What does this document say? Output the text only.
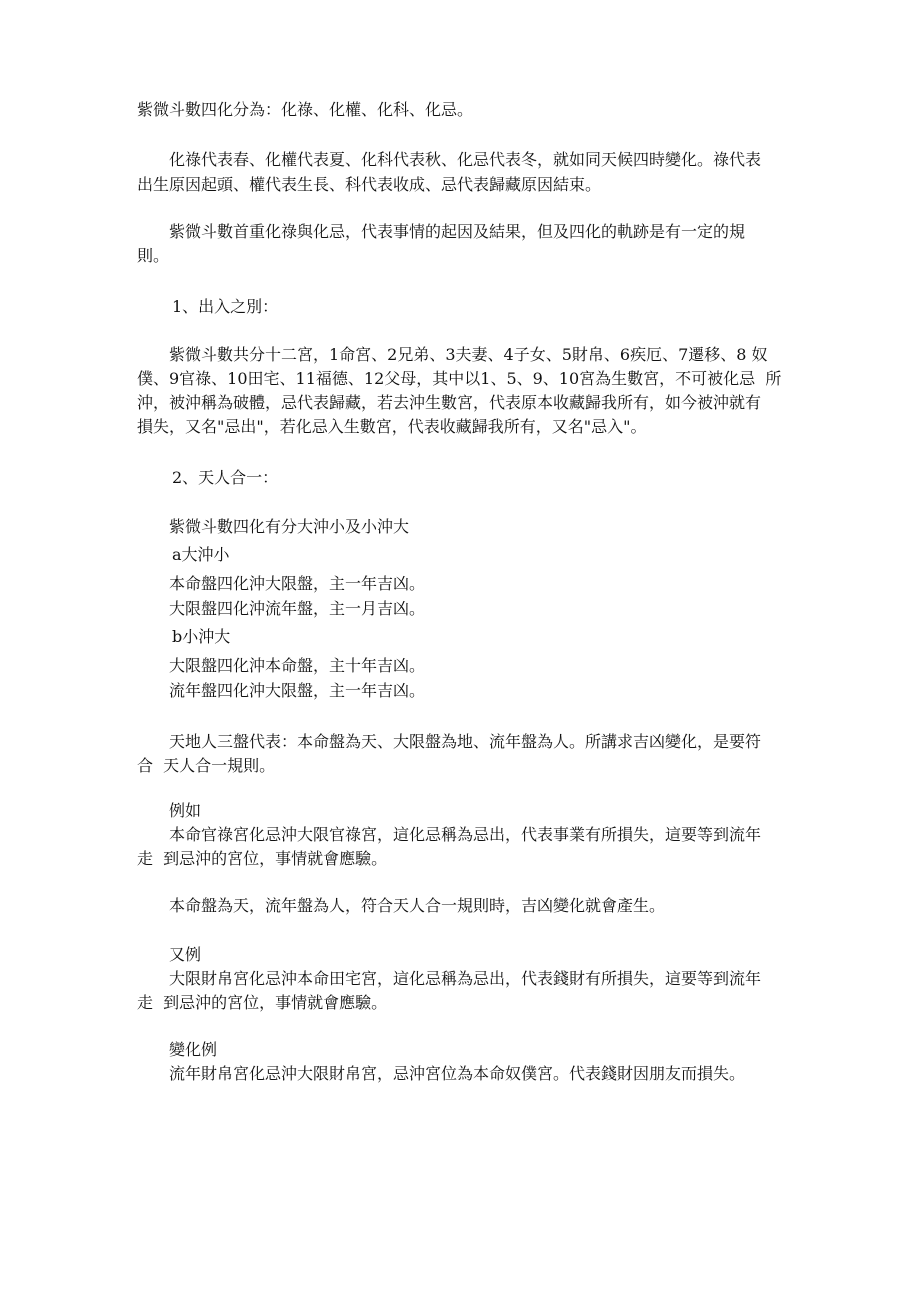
紫微斗數四化分為：化祿、化權、化科、化忌。
化祿代表春、化權代表夏、化科代表秋、化忌代表冬，就如同天候四時變化。祿代表
出生原因起頭、權代表生長、科代表收成、忌代表歸藏原因結束。
紫微斗數首重化祿與化忌，代表事情的起因及結果，但及四化的軌跡是有一定的規
則。
1、出入之別：
紫微斗數共分十二宮，1命宮、2兄弟、3夫妻、4子女、5財帛、6疾厄、7遷移、8 奴
僕、9官祿、10田宅、11福德、12父母，其中以1、5、9、10宮為生數宮，不可被化忌  所
沖，被沖稱為破體，忌代表歸藏，若去沖生數宮，代表原本收藏歸我所有，如今被沖就有
損失，又名"忌出"，若化忌入生數宮，代表收藏歸我所有，又名"忌入"。
2、天人合一：
紫微斗數四化有分大沖小及小沖大
a大沖小
本命盤四化沖大限盤，主一年吉凶。
大限盤四化沖流年盤，主一月吉凶。
b小沖大
大限盤四化沖本命盤，主十年吉凶。
流年盤四化沖大限盤，主一年吉凶。
天地人三盤代表：本命盤為天、大限盤為地、流年盤為人。所講求吉凶變化，是要符
合  天人合一規則。
例如
本命官祿宮化忌沖大限官祿宮，這化忌稱為忌出，代表事業有所損失，這要等到流年
走  到忌沖的宮位，事情就會應驗。
本命盤為天，流年盤為人，符合天人合一規則時，吉凶變化就會產生。
又例
大限財帛宮化忌沖本命田宅宮，這化忌稱為忌出，代表錢財有所損失，這要等到流年
走  到忌沖的宮位，事情就會應驗。
變化例
流年財帛宮化忌沖大限財帛宮，忌沖宮位為本命奴僕宮。代表錢財因朋友而損失。
